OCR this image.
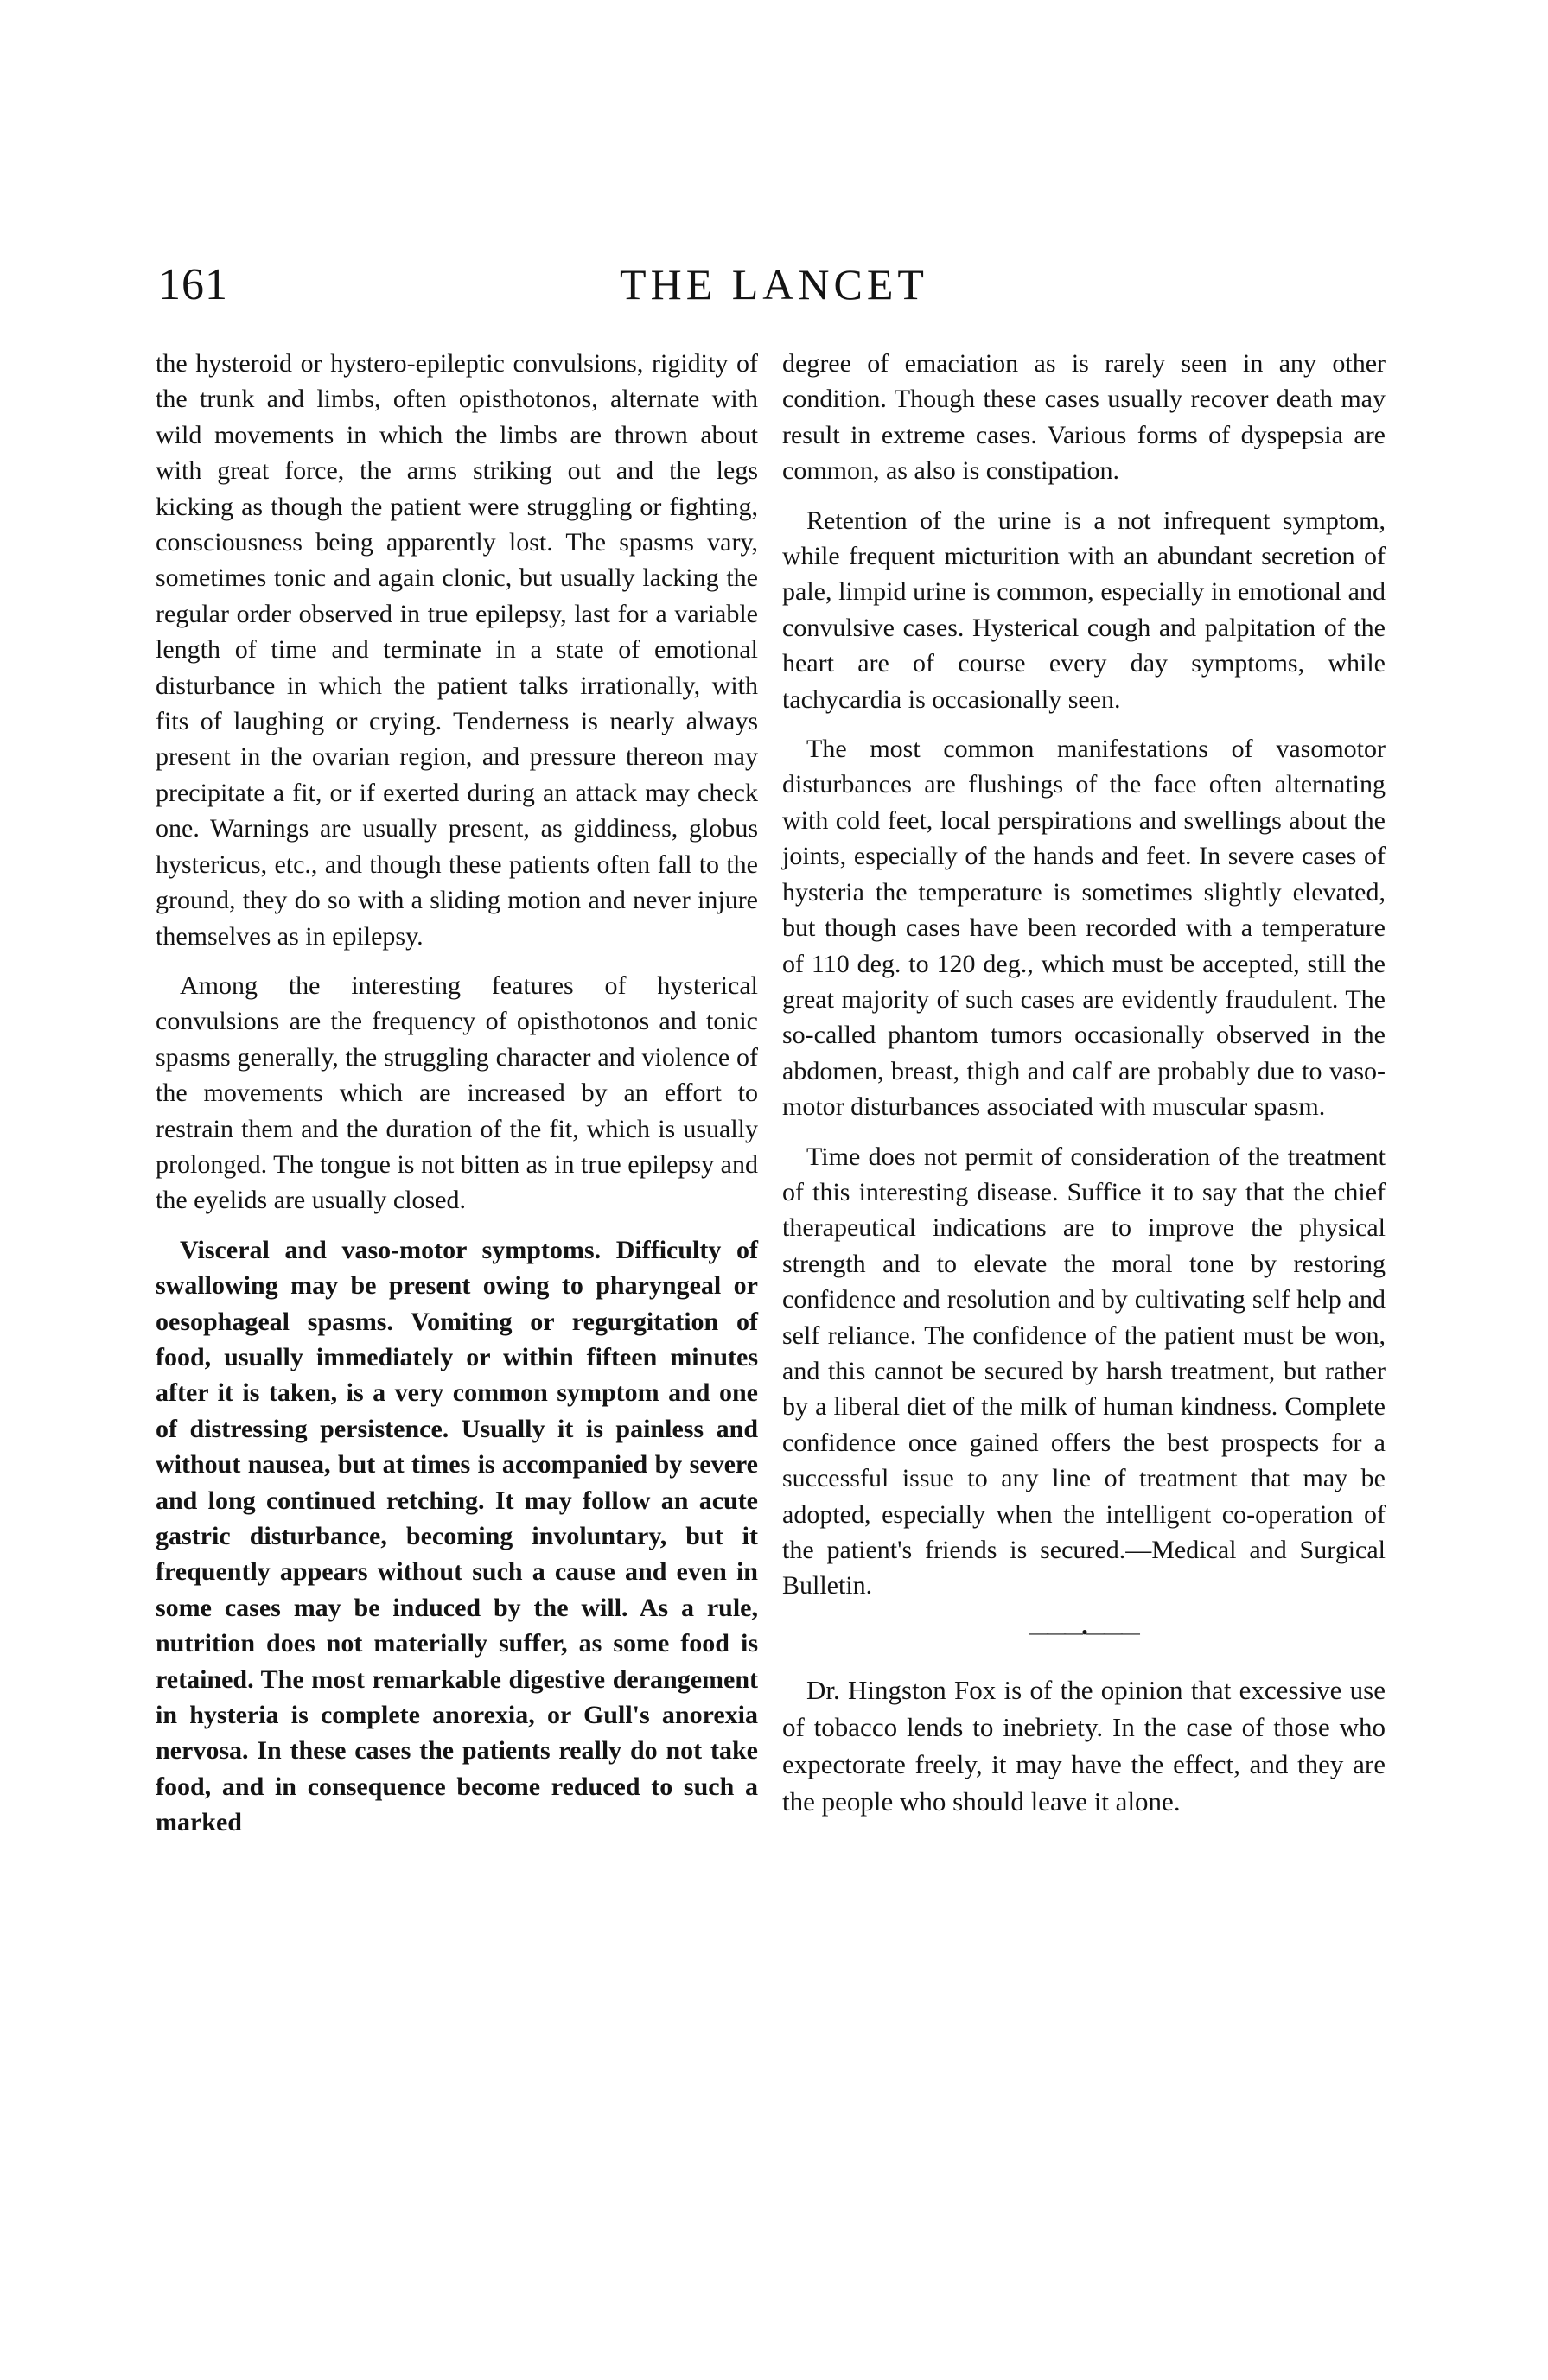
161	THE LANCET

the hysteroid or hystero-epileptic convulsions, rigidity of the trunk and limbs, often opisthotonos, alternate with wild movements in which the limbs are thrown about with great force, the arms striking out and the legs kicking as though the patient were struggling or fighting, consciousness being apparently lost. The spasms vary, sometimes tonic and again clonic, but usually lacking the regular order observed in true epilepsy, last for a variable length of time and terminate in a state of emotional disturbance in which the patient talks irrationally, with fits of laughing or crying. Tenderness is nearly always present in the ovarian region, and pressure thereon may precipitate a fit, or if exerted during an attack may check one. Warnings are usually present, as giddiness, globus hystericus, etc., and though these patients often fall to the ground, they do so with a sliding motion and never injure themselves as in epilepsy.

Among the interesting features of hysterical convulsions are the frequency of opisthotonos and tonic spasms generally, the struggling character and violence of the movements which are increased by an effort to restrain them and the duration of the fit, which is usually prolonged. The tongue is not bitten as in true epilepsy and the eyelids are usually closed.

Visceral and vaso-motor symptoms. Difficulty of swallowing may be present owing to pharyngeal or oesophageal spasms. Vomiting or regurgitation of food, usually immediately or within fifteen minutes after it is taken, is a very common symptom and one of distressing persistence. Usually it is painless and without nausea, but at times is accompanied by severe and long continued retching. It may follow an acute gastric disturbance, becoming involuntary, but it frequently appears without such a cause and even in some cases may be induced by the will. As a rule, nutrition does not materially suffer, as some food is retained. The most remarkable digestive derangement in hysteria is complete anorexia, or Gull's anorexia nervosa. In these cases the patients really do not take food, and in consequence become reduced to such a marked

degree of emaciation as is rarely seen in any other condition. Though these cases usually recover death may result in extreme cases. Various forms of dyspepsia are common, as also is constipation.

Retention of the urine is a not infrequent symptom, while frequent micturition with an abundant secretion of pale, limpid urine is common, especially in emotional and convulsive cases. Hysterical cough and palpitation of the heart are of course every day symptoms, while tachycardia is occasionally seen.

The most common manifestations of vasomotor disturbances are flushings of the face often alternating with cold feet, local perspirations and swellings about the joints, especially of the hands and feet. In severe cases of hysteria the temperature is sometimes slightly elevated, but though cases have been recorded with a temperature of 110 deg. to 120 deg., which must be accepted, still the great majority of such cases are evidently fraudulent. The so-called phantom tumors occasionally observed in the abdomen, breast, thigh and calf are probably due to vaso-motor disturbances associated with muscular spasm.

Time does not permit of consideration of the treatment of this interesting disease. Suffice it to say that the chief therapeutical indications are to improve the physical strength and to elevate the moral tone by restoring confidence and resolution and by cultivating self help and self reliance. The confidence of the patient must be won, and this cannot be secured by harsh treatment, but rather by a liberal diet of the milk of human kindness. Complete confidence once gained offers the best prospects for a successful issue to any line of treatment that may be adopted, especially when the intelligent co-operation of the patient's friends is secured.—Medical and Surgical Bulletin.

———•———

Dr. Hingston Fox is of the opinion that excessive use of tobacco lends to inebriety. In the case of those who expectorate freely, it may have the effect, and they are the people who should leave it alone.
